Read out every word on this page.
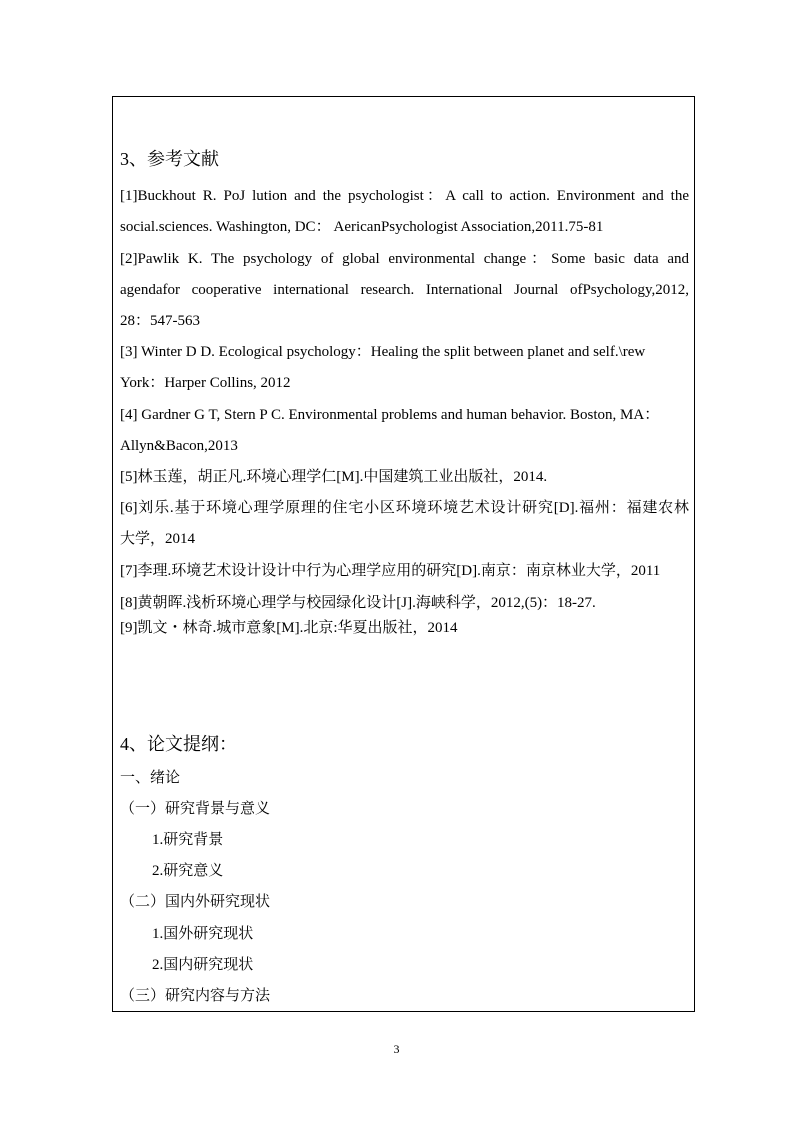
3、参考文献
[1]Buckhout R. PoJ lution and the psychologist：A call to action. Environment and the
social.sciences. Washington, DC： AericanPsychologist Association,2011.75-81
[2]Pawlik K. The psychology of global environmental change：Some basic data and
agendafor cooperative international research. International Journal ofPsychology,2012,
28：547-563
[3] Winter D D. Ecological psychology：Healing the split between planet and self.\rew
York：Harper Collins, 2012
[4] Gardner G T, Stern P C. Environmental problems and human behavior. Boston, MA：
Allyn&Bacon,2013
[5]林玉莲，胡正凡.环境心理学仁[M].中国建筑工业出版社，2014.
[6]刘乐.基于环境心理学原理的住宅小区环境环境艺术设计研究[D].福州：福建农林
大学，2014
[7]李理.环境艺术设计设计中行为心理学应用的研究[D].南京：南京林业大学，2011
[8]黄朝晖.浅析环境心理学与校园绿化设计[J].海峡科学，2012,(5)：18-27.
[9]凯文・林奇.城市意象[M].北京:华夏出版社，2014
4、论文提纲：
一、绪论
（一）研究背景与意义
1.研究背景
2.研究意义
（二）国内外研究现状
1.国外研究现状
2.国内研究现状
（三）研究内容与方法
3
